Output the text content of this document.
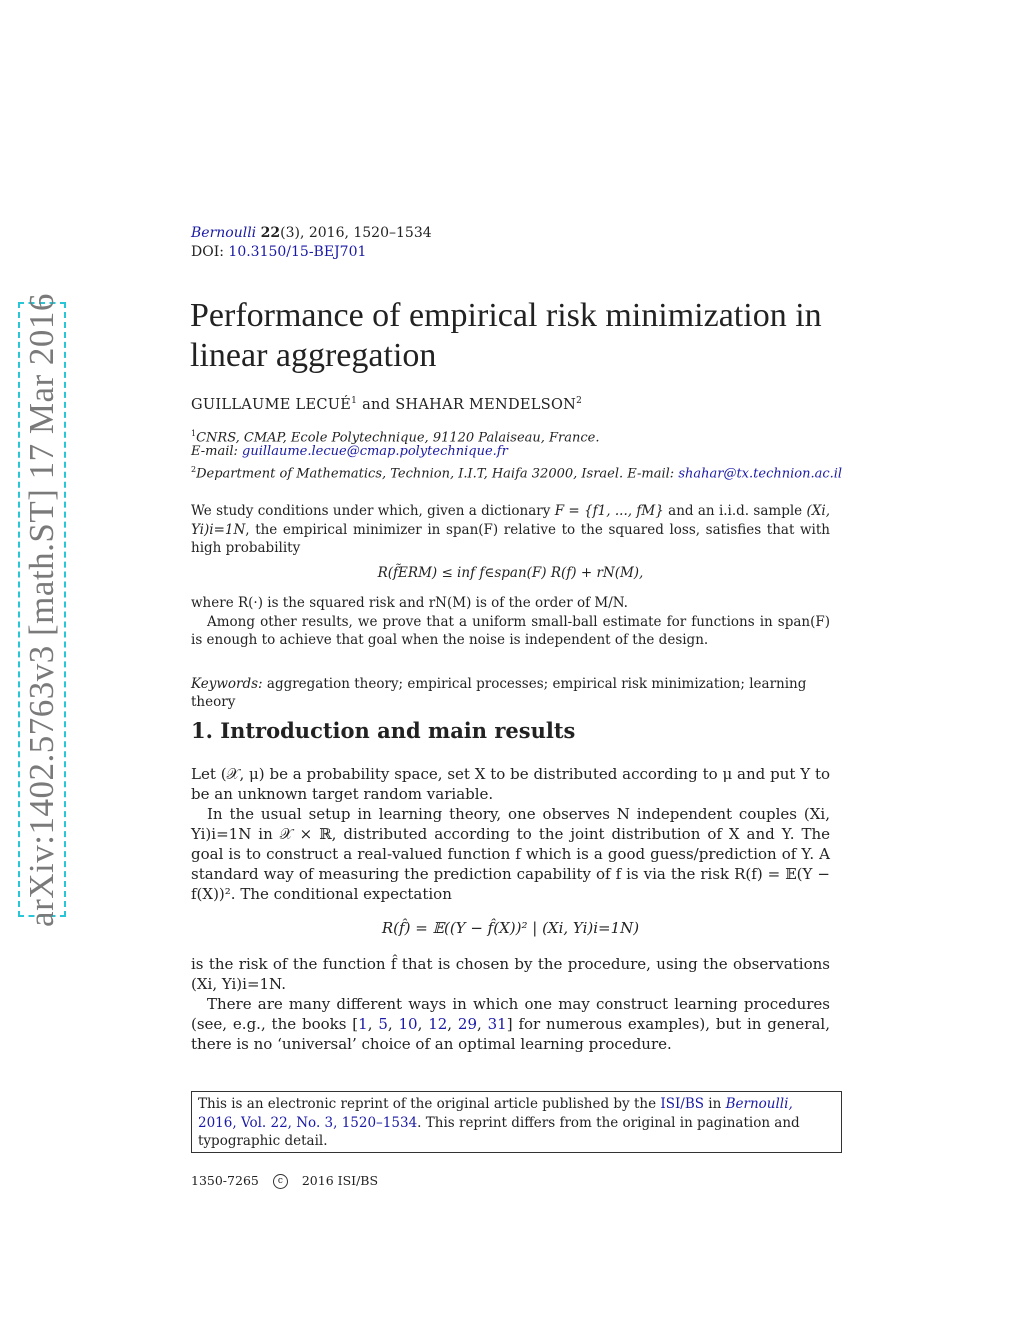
arXiv:1402.5763v3 [math.ST] 17 Mar 2016
Bernoulli 22(3), 2016, 1520–1534
DOI: 10.3150/15-BEJ701
Performance of empirical risk minimization in
linear aggregation
GUILLAUME LECUÉ$^1$ and SHAHAR MENDELSON$^2$
$^1$CNRS, CMAP, Ecole Polytechnique, 91120 Palaiseau, France.
E-mail: guillaume.lecue@cmap.polytechnique.fr
$^2$Department of Mathematics, Technion, I.I.T, Haifa 32000, Israel. E-mail: shahar@tx.technion.ac.il

We study conditions under which, given a dictionary F = {f1, ..., fM} and an i.i.d. sample (Xi, Yi)i=1N, the empirical minimizer in span(F) relative to the squared loss, satisfies that with high probability

R(f̃ERM) ≤ inf f∈span(F) R(f) + rN(M),

where R(·) is the squared risk and rN(M) is of the order of M/N.

Among other results, we prove that a uniform small-ball estimate for functions in span(F) is enough to achieve that goal when the noise is independent of the design.

Keywords: aggregation theory; empirical processes; empirical risk minimization; learning theory
1. Introduction and main results

Let (𝒳, μ) be a probability space, set X to be distributed according to μ and put Y to be an unknown target random variable.

In the usual setup in learning theory, one observes N independent couples (Xi, Yi)i=1N in 𝒳 × ℝ, distributed according to the joint distribution of X and Y. The goal is to construct a real-valued function f which is a good guess/prediction of Y. A standard way of measuring the prediction capability of f is via the risk R(f) = 𝔼(Y − f(X))². The conditional expectation

R(f̂) = 𝔼((Y − f̂(X))² | (Xi, Yi)i=1N)

is the risk of the function f̂ that is chosen by the procedure, using the observations (Xi, Yi)i=1N.

There are many different ways in which one may construct learning procedures (see, e.g., the books [1, 5, 10, 12, 29, 31] for numerous examples), but in general, there is no ‘universal’ choice of an optimal learning procedure.

This is an electronic reprint of the original article published by the ISI/BS in Bernoulli, 2016, Vol. 22, No. 3, 1520–1534. This reprint differs from the original in pagination and typographic detail.
1350-7265 c 2016 ISI/BS
